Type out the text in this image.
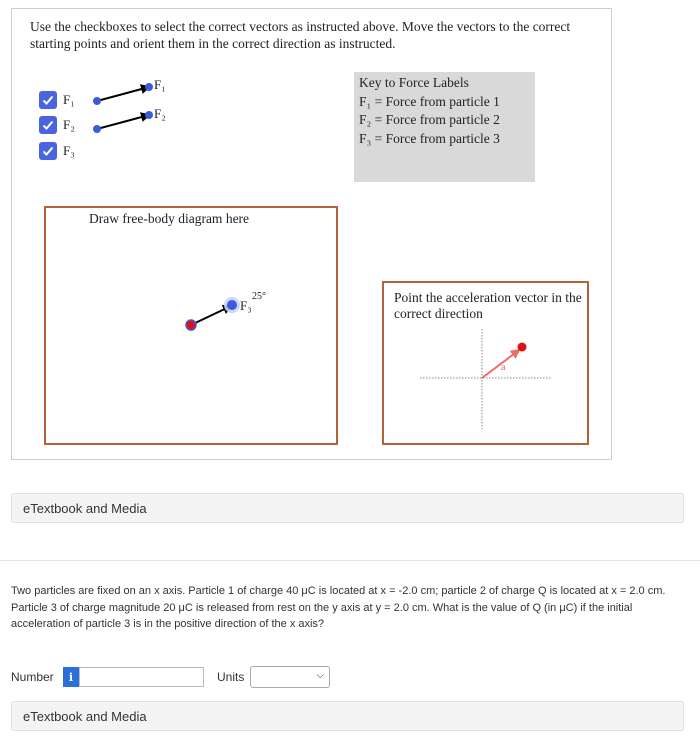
Use the checkboxes to select the correct vectors as instructed above. Move the vectors to the correct starting points and orient them in the correct direction as instructed.
F₁
F₂
F₃
Key to Force Labels
F₁ = Force from particle 1
F₂ = Force from particle 2
F₃ = Force from particle 3
Draw free-body diagram here
Point the acceleration vector in the correct direction
F₁
F₂
F₃
25°
a
eTextbook and Media
Two particles are fixed on an x axis. Particle 1 of charge 40 μC is located at x = -2.0 cm; particle 2 of charge Q is located at x = 2.0 cm. Particle 3 of charge magnitude 20 μC is released from rest on the y axis at y = 2.0 cm. What is the value of Q (in μC) if the initial acceleration of particle 3 is in the positive direction of the x axis?
Number	i	Units	⌵
eTextbook and Media
